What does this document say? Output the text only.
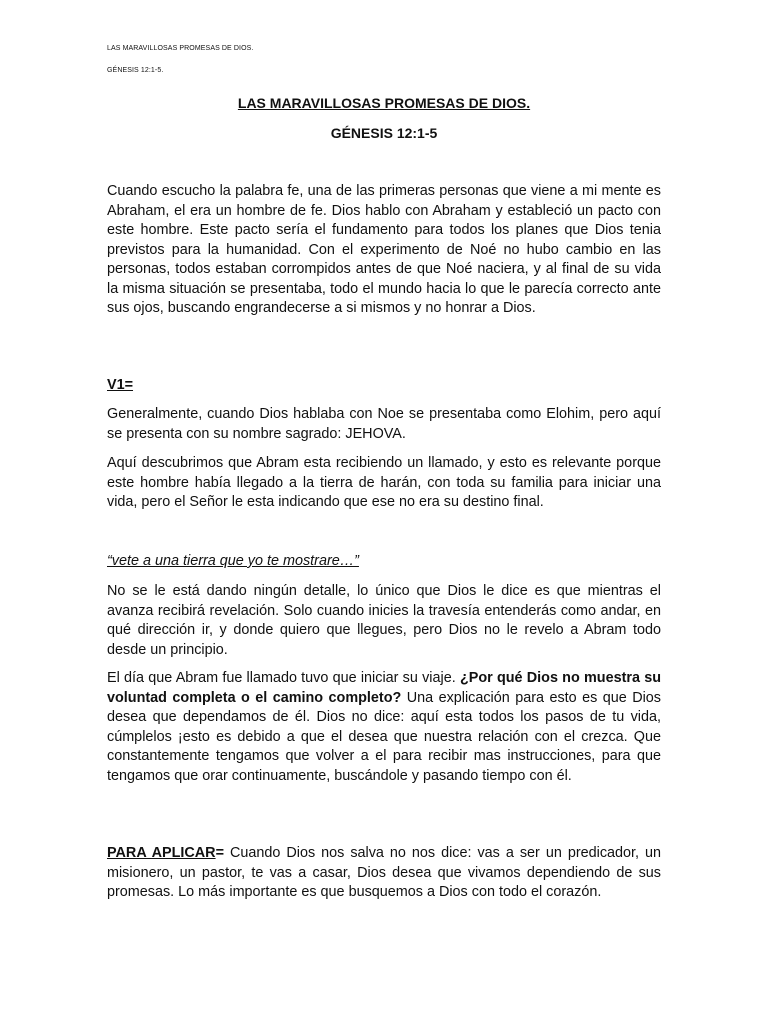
LAS MARAVILLOSAS PROMESAS DE DIOS.
GÉNESIS 12:1-5.
LAS MARAVILLOSAS PROMESAS DE DIOS.
GÉNESIS 12:1-5

Cuando escucho la palabra fe, una de las primeras personas que viene a mi mente es Abraham, el era un hombre de fe. Dios hablo con Abraham y estableció un pacto con este hombre. Este pacto sería el fundamento para todos los planes que Dios tenia previstos para la humanidad. Con el experimento de Noé no hubo cambio en las personas, todos estaban corrompidos antes de que Noé naciera, y al final de su vida la misma situación se presentaba, todo el mundo hacia lo que le parecía correcto ante sus ojos, buscando engrandecerse a si mismos y no honrar a Dios.

V1=

Generalmente, cuando Dios hablaba con Noe se presentaba como Elohim, pero aquí se presenta con su nombre sagrado: JEHOVA.

Aquí descubrimos que Abram esta recibiendo un llamado, y esto es relevante porque este hombre había llegado a la tierra de harán, con toda su familia para iniciar una vida, pero el Señor le esta indicando que ese no era su destino final.

“vete a una tierra que yo te mostrare…”

No se le está dando ningún detalle, lo único que Dios le dice es que mientras el avanza recibirá revelación. Solo cuando inicies la travesía entenderás como andar, en qué dirección ir, y donde quiero que llegues, pero Dios no le revelo a Abram todo desde un principio.

El día que Abram fue llamado tuvo que iniciar su viaje. ¿Por qué Dios no muestra su voluntad completa o el camino completo? Una explicación para esto es que Dios desea que dependamos de él. Dios no dice: aquí esta todos los pasos de tu vida, cúmplelos ¡esto es debido a que el desea que nuestra relación con el crezca. Que constantemente tengamos que volver a el para recibir mas instrucciones, para que tengamos que orar continuamente, buscándole y pasando tiempo con él.

PARA APLICAR= Cuando Dios nos salva no nos dice: vas a ser un predicador, un misionero, un pastor, te vas a casar, Dios desea que vivamos dependiendo de sus promesas. Lo más importante es que busquemos a Dios con todo el corazón.
